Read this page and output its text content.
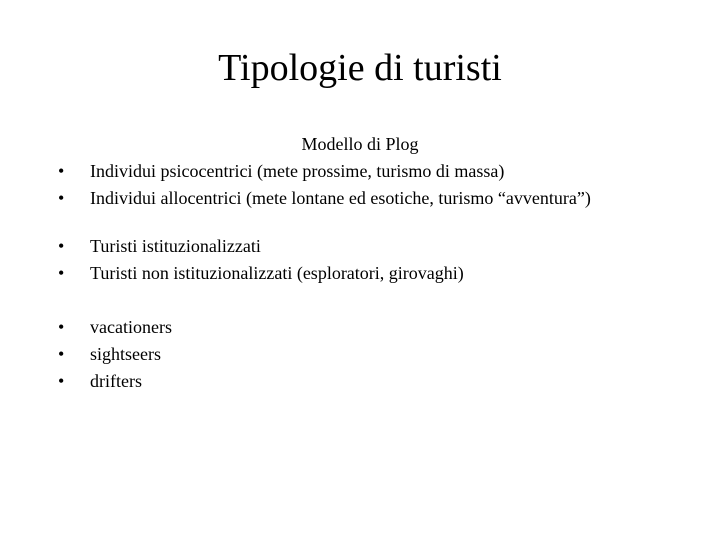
Tipologie di turisti

Modello di Plog

•	Individui psicocentrici (mete prossime, turismo di massa)
•	Individui allocentrici (mete lontane ed esotiche, turismo “avventura”)
•	Turisti istituzionalizzati
•	Turisti non istituzionalizzati (esploratori, girovaghi)
•	vacationers
•	sightseers
•	drifters
